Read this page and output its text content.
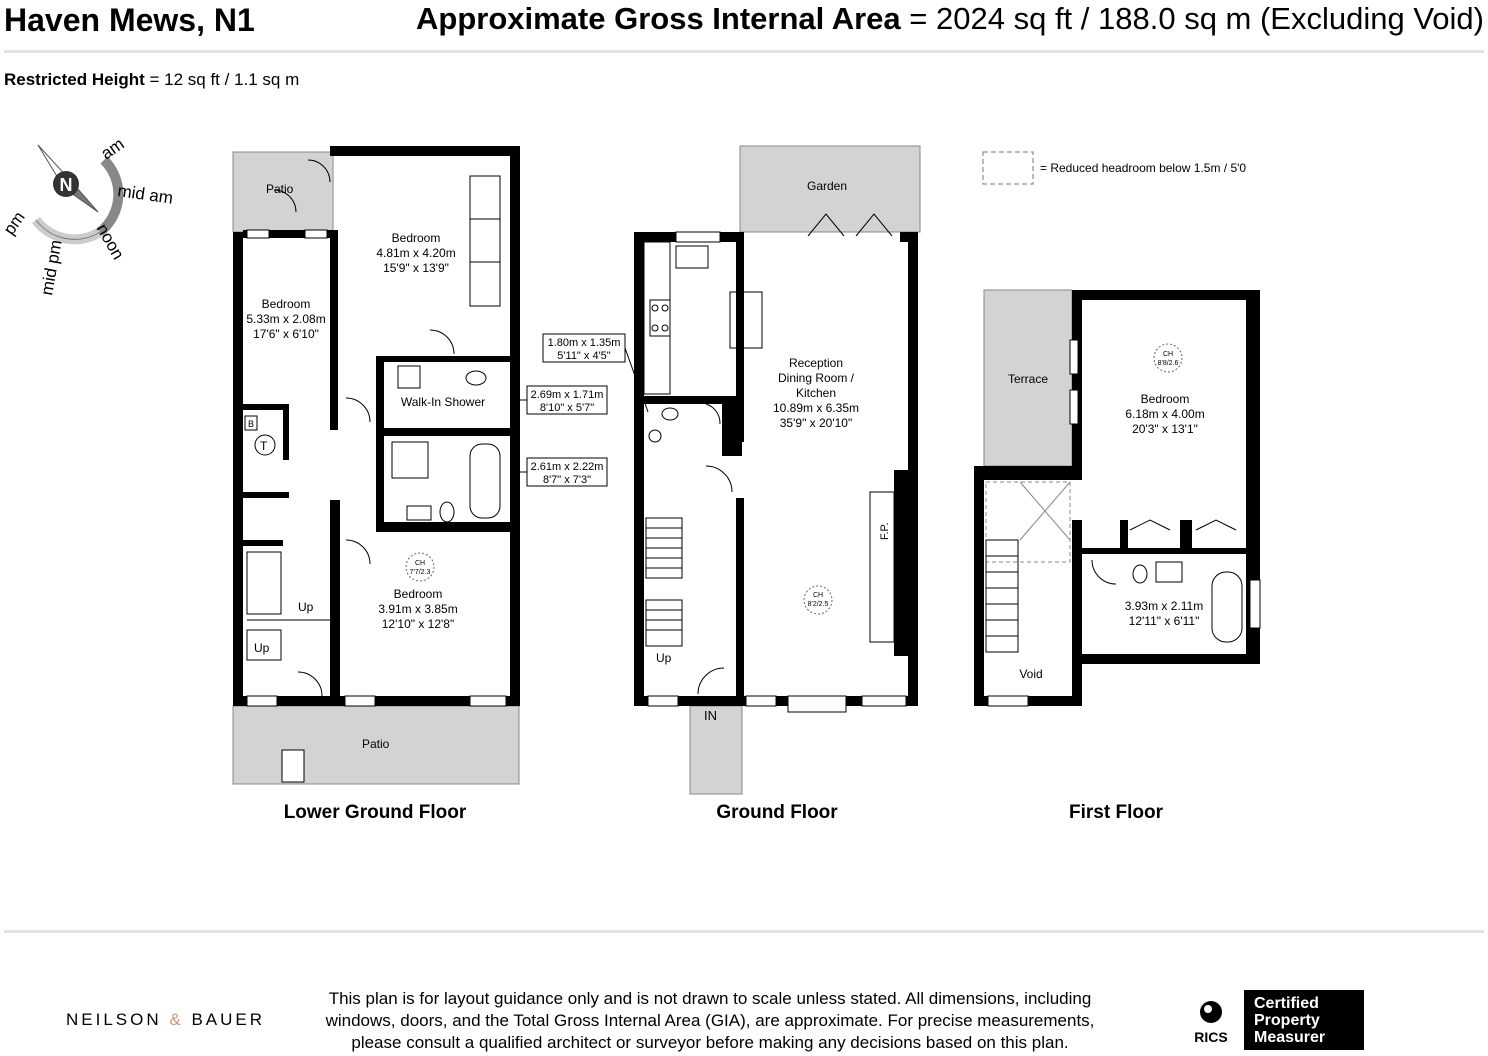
Haven Mews, N1	Approximate Gross Internal Area = 2024 sq ft / 188.0 sq m (Excluding Void)
Restricted Height = 12 sq ft / 1.1 sq m
N
am
mid am
noon
mid pm
pm
= Reduced headroom below 1.5m / 5'0
Patio
Patio
B
T
Bedroom
4.81m x 4.20m
15'9" x 13'9"
Bedroom
5.33m x 2.08m
17'6" x 6'10"
Bedroom
3.91m x 3.85m
12'10" x 12'8"
CH
7'7/2.3
Walk-In Shower
Up
Up
2.69m x 1.71m
8'10" x 5'7"
2.61m x 2.22m
8'7" x 7'3"
Lower Ground Floor
Garden
F.P.
Up
IN
Reception
Dining Room /
Kitchen
10.89m x 6.35m
35'9" x 20'10"
CH
8'2/2.5
1.80m x 1.35m
5'11" x 4'5"
Ground Floor
Terrace
Void
CH
8'8/2.6
Bedroom
6.18m x 4.00m
20'3" x 13'1"
3.93m x 2.11m
12'11" x 6'11"
First Floor
NEILSON & BAUER
This plan is for layout guidance only and is not drawn to scale unless stated. All dimensions, including windows, doors, and the Total Gross Internal Area (GIA), are approximate. For precise measurements, please consult a qualified architect or surveyor before making any decisions based on this plan.	RICS
Certified
Property
Measurer
